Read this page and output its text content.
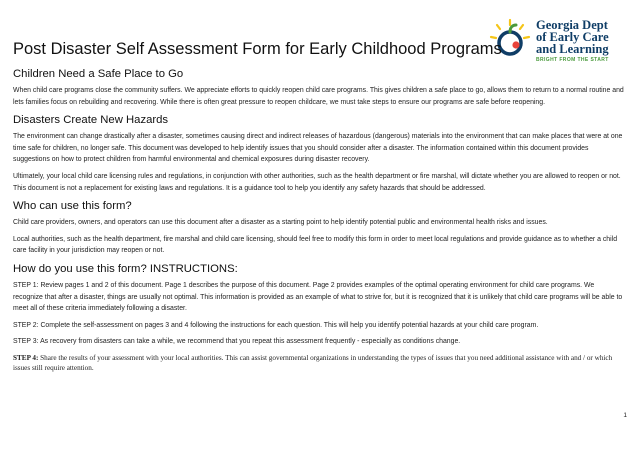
Georgia Dept
of Early Care
and Learning
BRIGHT FROM THE START
Post Disaster Self Assessment Form for Early Childhood Programs
Children Need a Safe Place to Go

When child care programs close the community suffers. We appreciate efforts to quickly reopen child care programs. This gives children a safe place to go, allows them to return to a normal routine and lets families focus on rebuilding and recovering. While there is often great pressure to reopen childcare, we must take steps to ensure our programs are safe before reopening.

Disasters Create New Hazards

The environment can change drastically after a disaster, sometimes causing direct and indirect releases of hazardous (dangerous) materials into the environment that can make places that were at one time safe for children, no longer safe. This document was developed to help identify issues that you should consider after a disaster. The information contained within this document provides suggestions on how to protect children from harmful environmental and chemical exposures during disaster recovery.

Ultimately, your local child care licensing rules and regulations, in conjunction with other authorities, such as the health department or fire marshal, will dictate whether you are allowed to reopen or not. This document is not a replacement for existing laws and regulations. It is a guidance tool to help you identify any safety hazards that should be addressed.

Who can use this form?

Child care providers, owners, and operators can use this document after a disaster as a starting point to help identify potential public and environmental health risks and issues.

Local authorities, such as the health department, fire marshal and child care licensing, should feel free to modify this form in order to meet local regulations and provide guidance as to whether a child care facility in your jurisdiction may reopen or not.

How do you use this form? INSTRUCTIONS:

STEP 1: Review pages 1 and 2 of this document. Page 1 describes the purpose of this document. Page 2 provides examples of the optimal operating environment for child care programs. We recognize that after a disaster, things are usually not optimal. This information is provided as an example of what to strive for, but it is recognized that it is unlikely that child care programs will be able to meet all of these criteria immediately following a disaster.

STEP 2: Complete the self-assessment on pages 3 and 4 following the instructions for each question. This will help you identify potential hazards at your child care program.

STEP 3: As recovery from disasters can take a while, we recommend that you repeat this assessment frequently - especially as conditions change.

STEP 4: Share the results of your assessment with your local authorities. This can assist governmental organizations in understanding the types of issues that you need additional assistance with and / or which issues still require attention.

1
